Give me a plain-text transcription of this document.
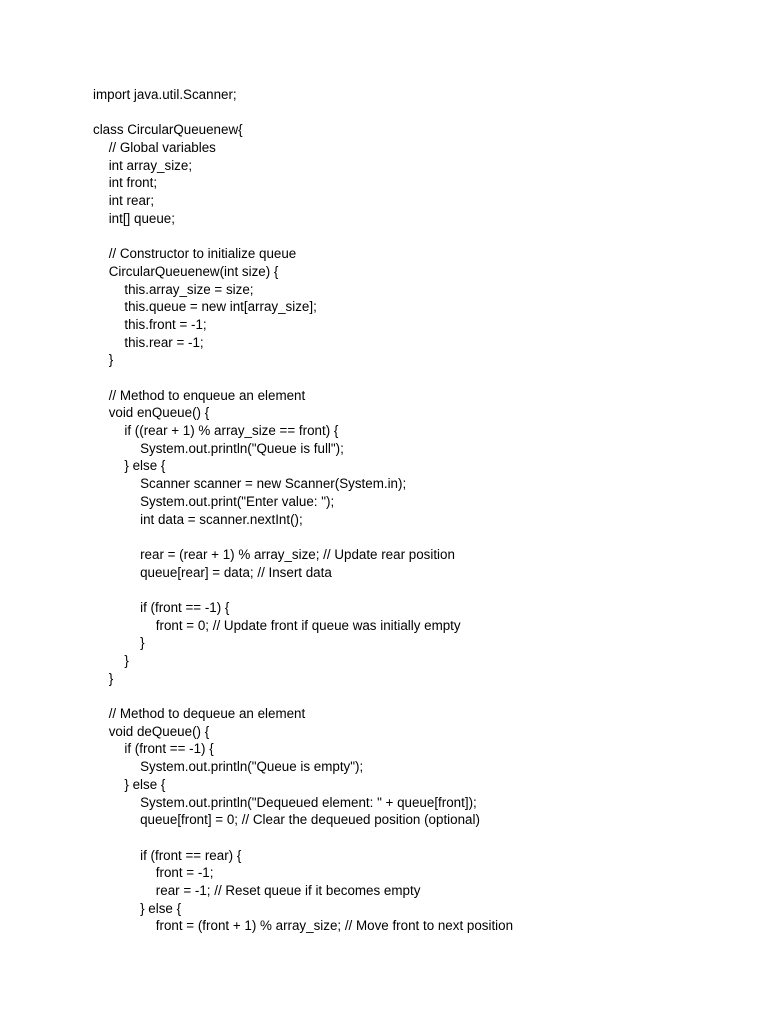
import java.util.Scanner;
class CircularQueuenew{
// Global variables
int array_size;
int front;
int rear;
int[] queue;
// Constructor to initialize queue
CircularQueuenew(int size) {
this.array_size = size;
this.queue = new int[array_size];
this.front = -1;
this.rear = -1;
}
// Method to enqueue an element
void enQueue() {
if ((rear + 1) % array_size == front) {
System.out.println("Queue is full");
} else {
Scanner scanner = new Scanner(System.in);
System.out.print("Enter value: ");
int data = scanner.nextInt();
rear = (rear + 1) % array_size; // Update rear position
queue[rear] = data; // Insert data
if (front == -1) {
front = 0; // Update front if queue was initially empty
}
}
}
// Method to dequeue an element
void deQueue() {
if (front == -1) {
System.out.println("Queue is empty");
} else {
System.out.println("Dequeued element: " + queue[front]);
queue[front] = 0; // Clear the dequeued position (optional)
if (front == rear) {
front = -1;
rear = -1; // Reset queue if it becomes empty
} else {
front = (front + 1) % array_size; // Move front to next position
